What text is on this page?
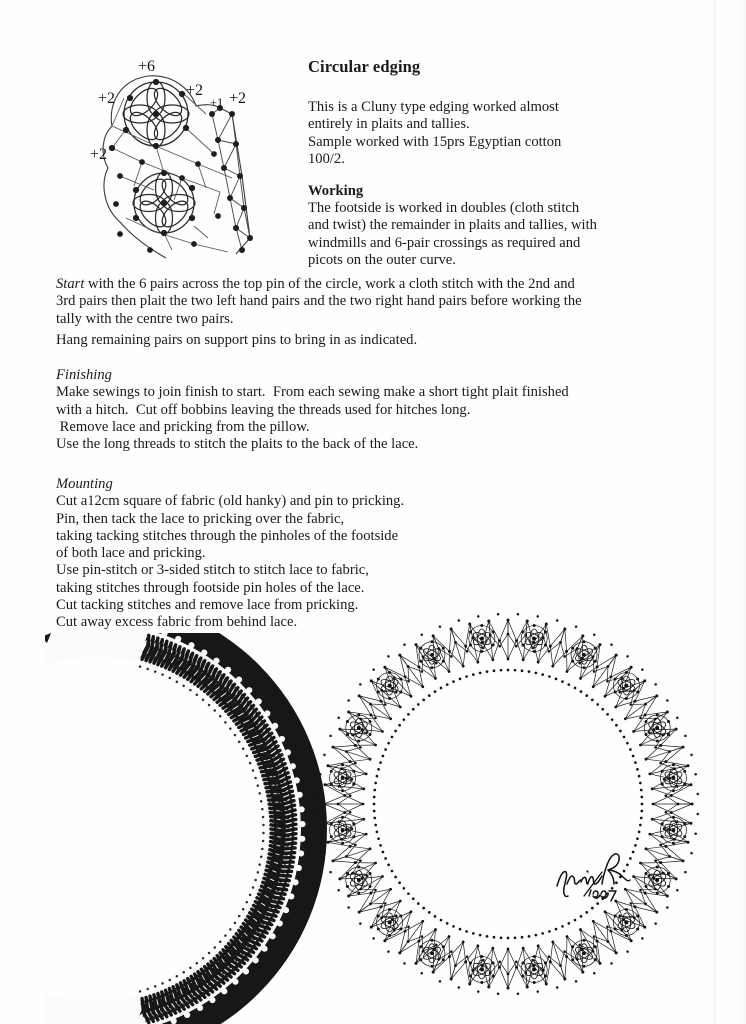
+6
+2
+2	+1 +2
+2
Circular edging

This is a Cluny type edging worked almost

entirely in plaits and tallies.

Sample worked with 15prs Egyptian cotton

100/2.

Working

The footside is worked in doubles (cloth stitch

and twist) the remainder in plaits and tallies, with

windmills and 6-pair crossings as required and

picots on the outer curve.

Start with the 6 pairs across the top pin of the circle, work a cloth stitch with the 2nd and

3rd pairs then plait the two left hand pairs and the two right hand pairs before working the

tally with the centre two pairs.

Hang remaining pairs on support pins to bring in as indicated.

Finishing

Make sewings to join finish to start.  From each sewing make a short tight plait finished

with a hitch.  Cut off bobbins leaving the threads used for hitches long.

Remove lace and pricking from the pillow.

Use the long threads to stitch the plaits to the back of the lace.

Mounting

Cut a12cm square of fabric (old hanky) and pin to pricking.

Pin, then tack the lace to pricking over the fabric,

taking tacking stitches through the pinholes of the footside

of both lace and pricking.

Use pin-stitch or 3-sided stitch to stitch lace to fabric,

taking stitches through footside pin holes of the lace.

Cut tacking stitches and remove lace from pricking.

Cut away excess fabric from behind lace.
